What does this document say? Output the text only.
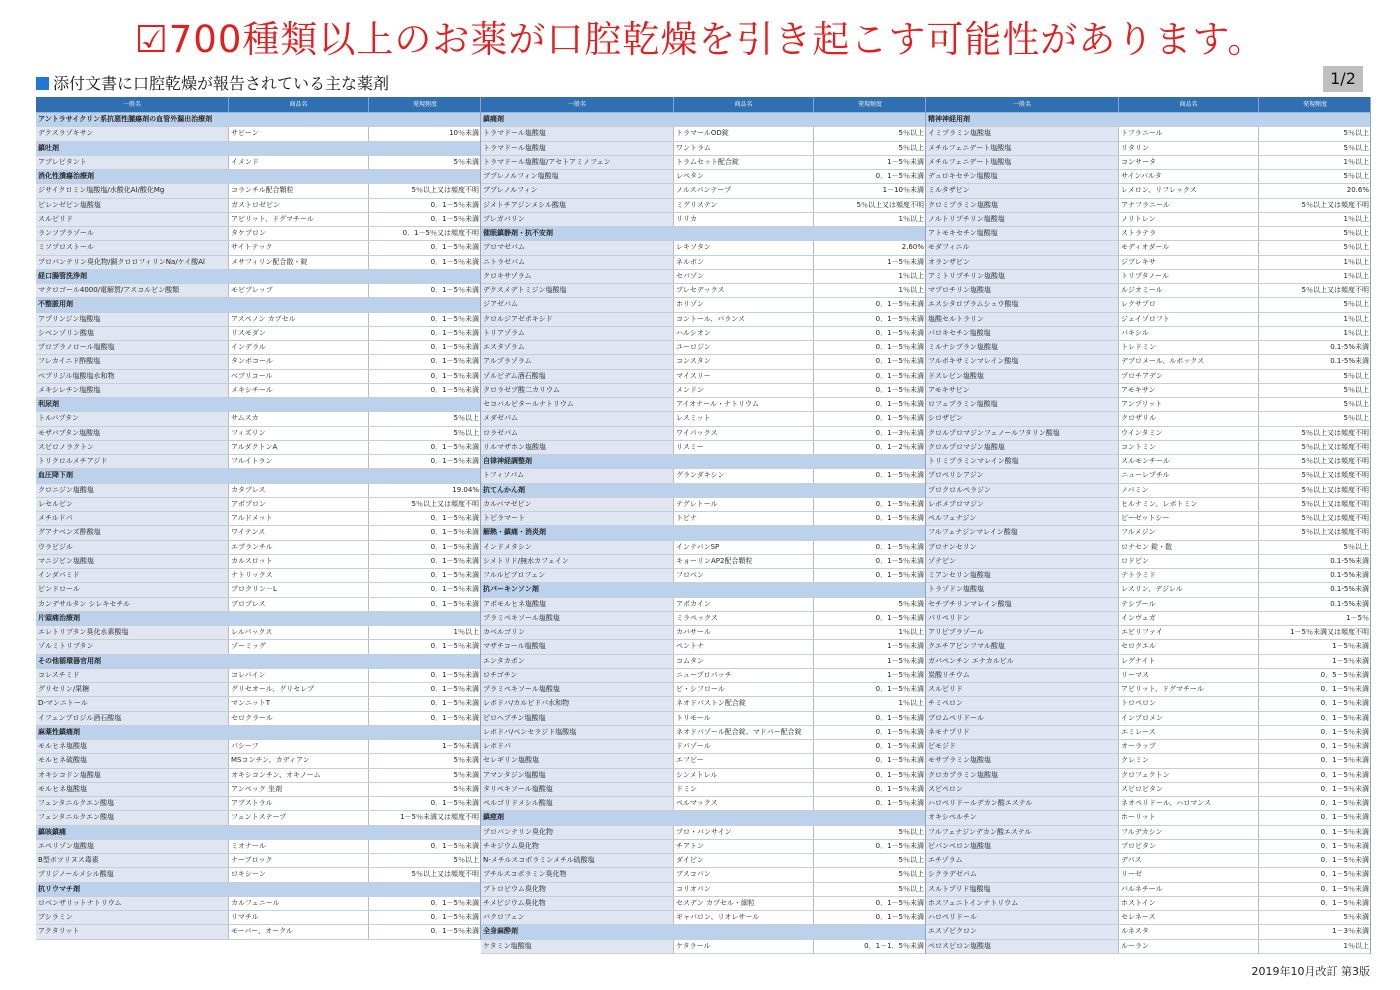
☑700種類以上のお薬が口腔乾燥を引き起こす可能性があります。
添付文書に口腔乾燥が報告されている主な薬剤	1/2
一般名	商品名	発現頻度
アントラサイクリン系抗悪性腫瘍剤の血管外漏出治療剤
デクスラゾキサン	サビーン	10％未満
鎮吐剤
アプレピタント	イメンド	5％未満
消化性潰瘍治療剤
ジサイクロミン塩酸塩/水酸化Al/酸化Mg	コランチル配合顆粒	5％以上又は頻度不明
ピレンゼピン塩酸塩	ガストロゼピン	0．1－5％未満
スルピリド	アビリット、ドグマチール	0．1－5％未満
ランソプラゾール	タケプロン	0．1－5％又は頻度不明
ミソプロストール	サイトテック	0．1－5％未満
プロパンテリン臭化物/銅クロロフィリンNa/ケイ酸Al	メサフィリン配合散・錠	0．1－5％未満
経口腸管洗浄剤
マクロゴール4000/電解質/アスコルビン酸類	モビプレップ	0．1－5％未満
不整脈用剤
アプリンジン塩酸塩	アスペノン カプセル	0．1－5％未満
シベンゾリン酸塩	リスモダン	0．1－5％未満
プロプラノロール塩酸塩	インデラル	0．1－5％未満
フレカイニド酢酸塩	タンボコール	0．1－5％未満
ベプリジル塩酸塩水和物	ベプリコール	0．1－5％未満
メキシレチン塩酸塩	メキシチール	0．1－5％未満
利尿剤
トルバプタン	サムスカ	5％以上
モザバプタン塩酸塩	フィズリン	5％以上
スピロノラクトン	アルダクトンA	0．1－5％未満
トリクロルメチアジド	フルイトラン	0．1－5％未満
血圧降下剤
クロニジン塩酸塩	カタプレス	19.04%
レセルピン	アポプロン	5％以上又は頻度不明
メチルドパ	アルドメット	0．1－5％未満
グアナベンズ酢酸塩	ワイテンス	0．1－5％未満
ウラピジル	エブランチル	0．1－5％未満
マニジピン塩酸塩	カルスロット	0．1－5％未満
インダパミド	ナトリックス	0．1－5％未満
ピンドロール	ブロクリン－L	0．1－5％未満
カンデサルタン シレキセチル	ブロプレス	0．1－5％未満
片頭痛治療剤
エレトリプタン臭化水素酸塩	レルパックス	1％以上
ゾルミトリプタン	ゾーミッグ	0．1－5％未満
その他循環器官用剤
コレスチミド	コレバイン	0．1－5％未満
グリセリン/果糖	グリセオール、グリセレブ	0．1－5％未満
D-マンニトール	マンニットT	0．1－5％未満
イフェンプロジル酒石酸塩	セロクラール	0．1－5％未満
麻薬性鎮痛剤
モルヒネ塩酸塩	パシーフ	1－5％未満
モルヒネ硫酸塩	MSコンチン、カディアン	5％未満
オキシコドン塩酸塩	オキシコンチン、オキノーム	5％未満
モルヒネ塩酸塩	アンペック 坐剤	5％未満
フェンタニルクエン酸塩	アブストラル	0．1－5％未満
フェンタニルクエン酸塩	フェントステープ	1－5％未満又は頻度不明
鎮咳鎮痛
エペリゾン塩酸塩	ミオナール	0．1－5％未満
B型ボツリヌス毒素	ナーブロック	5％以上
プリジノールメシル酸塩	ロキシーン	5％以上又は頻度不明
抗リウマチ剤
ロベンザリットナトリウム	カルフェニール	0．1－5％未満
ブシラミン	リマチル	0．1－5％未満
アクタリット	モーバー、オークル	0．1－5％未満
一般名	商品名	発現頻度
鎮痛剤
トラマドール塩酸塩	トラマールOD錠	5％以上
トラマドール塩酸塩	ワントラム	5％以上
トラマドール塩酸塩/アセトアミノフェン	トラムセット配合錠	1－5％未満
ブプレノルフィン塩酸塩	レペタン	0．1－5％未満
ブプレノルフィン	ノルスパンテープ	1－10％未満
ジメトチアジンメシル酸塩	ミグリステン	5％以上又は頻度不明
プレガバリン	リリカ	1％以上
催眠鎮静剤・抗不安剤
ブロマゼパム	レキソタン	2.60%
ニトラゼパム	ネルボン	1－5％未満
クロキサゾラム	セパゾン	1％以上
デクスメデトミジン塩酸塩	プレセデックス	1％以上
ジアゼパム	ホリゾン	0．1－5％未満
クロルジアゼポキシド	コントール、バランス	0．1－5％未満
トリアゾラム	ハルシオン	0．1－5％未満
エスタゾラム	ユーロジン	0．1－5％未満
アルプラゾラム	コンスタン	0．1－5％未満
ゾルピデム酒石酸塩	マイスリー	0．1－5％未満
クロラゼプ酸二カリウム	メンドン	0．1－5％未満
セコバルビタールナトリウム	アイオナール・ナトリウム	0．1－5％未満
メダゼパム	レスミット	0．1－5％未満
ロラゼパム	ワイパックス	0．1－3％未満
リルマザホン塩酸塩	リスミー	0．1－2％未満
自律神経調整剤
トフィソパム	グランダキシン	0．1－5％未満
抗てんかん剤
カルバマゼピン	テグレトール	0．1－5％未満
トピラマート	トピナ	0．1－5％未満
解熱・鎮痛・消炎剤
インドメタシン	インテバンSP	0．1－5％未満
シメトリド/無水カフェイン	キョーリンAP2配合顆粒	0．1－5％未満
フルルビプロフェン	フロベン	0．1－5％未満
抗パーキンソン剤
アポモルヒネ塩酸塩	アポカイン	5％未満
プラミペキソール塩酸塩	ミラペックス	0．1－5％未満
カベルゴリン	カバサール	1％以上
マザチコール塩酸塩	ペントナ	1－5％未満
エンタカポン	コムタン	1－5％未満
ロチゴチン	ニュープロパッチ	1－5％未満
プラミペキソール塩酸塩	ビ・シフロール	0．1－5％未満
レボドパ/カルビドパ水和物	ネオドパストン配合錠	1％以上
ピロヘプチン塩酸塩	トリモール	0．1－5％未満
レボドパ/ベンセラジド塩酸塩	ネオドパゾール配合錠、マドパー配合錠	0．1－5％未満
レボドパ	ドパゾール	0．1－5％未満
セレギリン塩酸塩	エフピー	0．1－5％未満
アマンタジン塩酸塩	シンメトレル	0．1－5％未満
タリペキソール塩酸塩	ドミン	0．1－5％未満
ペルゴリドメシル酸塩	ペルマックス	0．1－5％未満
鎮痙剤
プロパンテリン臭化物	プロ・バンサイン	5％以上
チキジウム臭化物	チアトン	0．1－5％未満
N-メチルスコポラミンメチル硫酸塩	ダイピン	5％以上
ブチルスコポラミン臭化物	ブスコパン	5％以上
ブトロピウム臭化物	コリオパン	5％以上
チメピジウム臭化物	セスデン カプセル・細粒	0．1－5％未満
バクロフェン	ギャバロン、リオレサール	0．1－5％未満
全身麻酔剤
ケタミン塩酸塩	ケタラール	0．1－1．5％未満
一般名	商品名	発現頻度
精神神経用剤
イミプラミン塩酸塩	トフラニール	5％以上
メチルフェニデート塩酸塩	リタリン	5％以上
メチルフェニデート塩酸塩	コンサータ	1％以上
デュロキセチン塩酸塩	サインバルタ	5％以上
ミルタザピン	レメロン、リフレックス	20.6%
クロミプラミン塩酸塩	アナフラニール	5％以上又は頻度不明
ノルトリプチリン塩酸塩	ノリトレン	1％以上
アトモキセチン塩酸塩	ストラテラ	5％以上
モダフィニル	モディオダール	5％以上
オランザピン	ジプレキサ	1％以上
アミトリプチリン塩酸塩	トリプタノール	1％以上
マプロチリン塩酸塩	ルジオミール	5％以上又は頻度不明
エスシタロプラムシュウ酸塩	レクサプロ	5％以上
塩酸セルトラリン	ジェイゾロフト	1％以上
パロキセチン塩酸塩	パキシル	1％以上
ミルナシプラン塩酸塩	トレドミン	0.1-5%未満
フルボキサミンマレイン酸塩	デプロメール、ルボックス	0.1-5%未満
ドスレピン塩酸塩	プロチアデン	5％以上
アモキサピン	アモキサン	5％以上
ロフェプラミン塩酸塩	アンプリット	5％以上
シロザピン	クロザリル	5％以上
クロルプロマジンフェノールフタリン酸塩	ウインタミン	5％以上又は頻度不明
クロルプロマジン塩酸塩	コントミン	5％以上又は頻度不明
トリミプラミンマレイン酸塩	スルモンチール	5％以上又は頻度不明
プロペリシアジン	ニューレプチル	5％以上又は頻度不明
プロクロルペラジン	ノバミン	5％以上又は頻度不明
レボメプロマジン	ヒルナミン、レボトミン	5％以上又は頻度不明
ペルフェナジン	ピーゼットシー	5％以上又は頻度不明
フルフェナジンマレイン酸塩	フルメジン	5％以上又は頻度不明
ブロナンセリン	ロナセン 錠・散	5％以上
ゾテピン	ロドピン	0.1-5%未満
ミアンセリン塩酸塩	テトラミド	0.1-5%未満
トラゾドン塩酸塩	レスリン、デジレル	0.1-5%未満
セチプチリンマレイン酸塩	テシプール	0.1-5%未満
パリペリドン	インヴェガ	1－5％
アリピプラゾール	エビリファイ	1－5％未満又は頻度不明
クエチアピンフマル酸塩	セロクエル	1－5％未満
ガバペンチン エナカルビル	レグナイト	1－5％未満
炭酸リチウム	リーマス	0．5－5％未満
スルピリド	アビリット、ドグマチール	0．1－5％未満
チミペロン	トロペロン	0．1－5％未満
ブロムペリドール	インプロメン	0．1－5％未満
ネモナプリド	エミレース	0．1－5％未満
ピモジド	オーラップ	0．1－5％未満
モサプラミン塩酸塩	クレミン	0．1－5％未満
クロカプラミン塩酸塩	クロフェクトン	0．1－5％未満
スピペロン	スピロピタン	0．1－5％未満
ハロペリドールデカン酸エステル	ネオペリドール、ハロマンス	0．1－5％未満
オキシペルチン	ホーリット	0．1－5％未満
フルフェナジンデカン酸エステル	フルデカシン	0．1－5％未満
ピパンペロン塩酸塩	プロピタン	0．1－5％未満
エチゾラム	デパス	0．1－5％未満
シクラデゼパム	リーゼ	0．1－5％未満
スルトプリド塩酸塩	バルネチール	0．1－5％未満
ホスフェニトインナトリウム	ホストイン	0．1－5％未満
ハロペリドール	セレネース	5％未満
エスゾピクロン	ルネスタ	1－3％未満
ペロスピロン塩酸塩	ルーラン	1％以上
2019年10月改訂 第3版
